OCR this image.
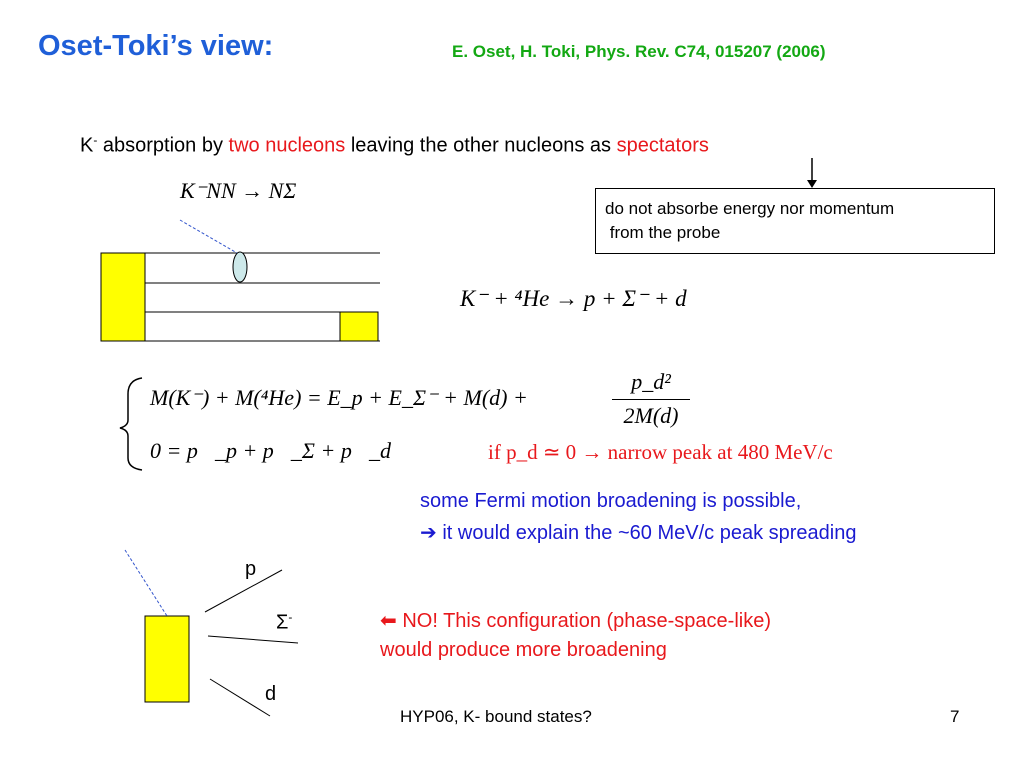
Oset-Toki’s view:	E. Oset, H. Toki, Phys. Rev. C74, 015207 (2006)
K- absorption by two nucleons leaving the other nucleons as spectators
K⁻NN → NΣ
do not absorbe energy nor momentum
from the probe
K⁻ + ⁴He → p + Σ⁻ + d
M(K⁻) + M(⁴He) = E_p + E_Σ⁻ + M(d) +
p_d²
2M(d)
0 = p⃗_p + p⃗_Σ + p⃗_d	if p_d ≃ 0 → narrow peak at 480 MeV/c
some Fermi motion broadening is possible,
➔ it would explain the ~60 MeV/c peak spreading
p
Σ-
d
⬅ NO! This configuration (phase-space-like)
would produce more broadening
HYP06, K- bound states?	7
